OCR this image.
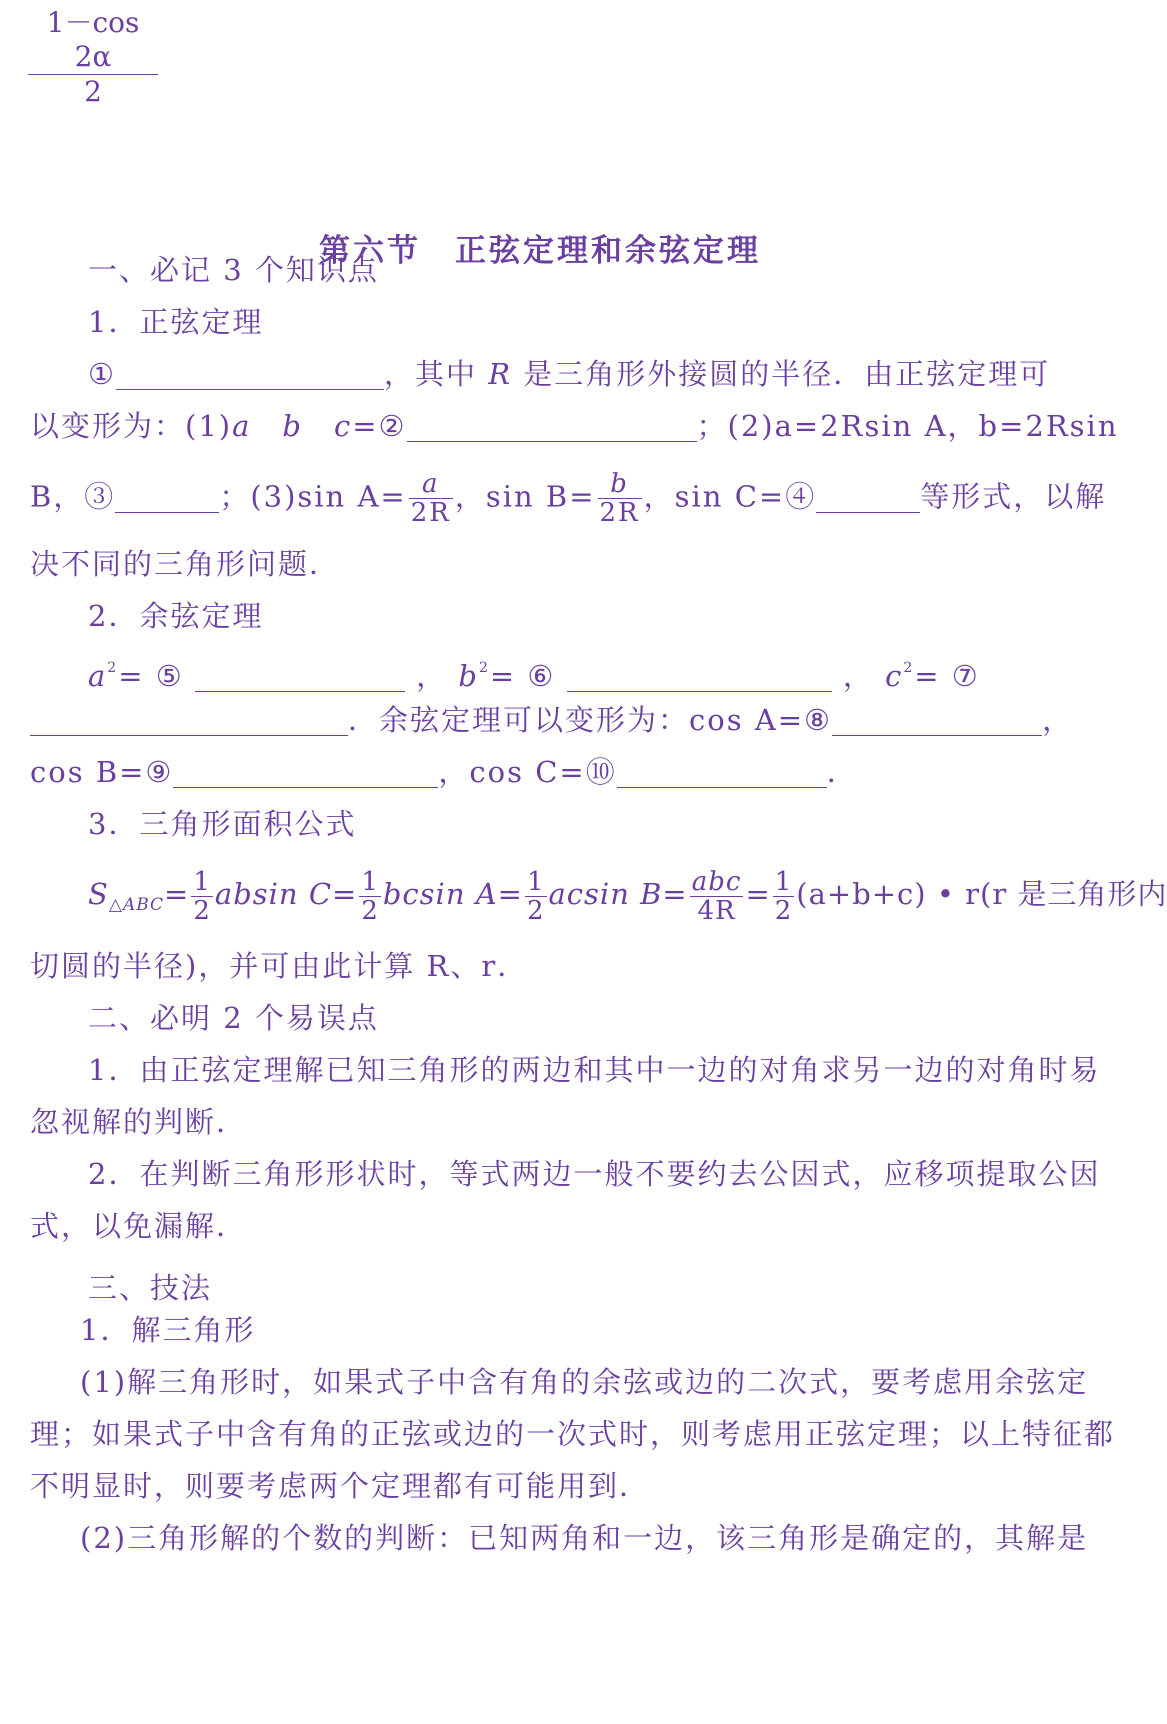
$\frac{1-\cos 2\alpha}{2}$
第六节　正弦定理和余弦定理
一、必记 3 个知识点
1．正弦定理
①	，其中 R 是三角形外接圆的半径．由正弦定理可
以变形为：(1)a　 b　 c=②	；(2)a=2Rsin A，b=2Rsin
B，③	；(3)sin $A= \frac{a}{2R}$ ，$\sin B= \frac{b}{2R}$ ，sin C=④	等形式，以解
决不同的三角形问题．
2．余弦定理
$a^2=$ ⑤	， $b^2=$ ⑥	， $c^2=$ ⑦
．余弦定理可以变形为：cos A=⑧	，
cos B=⑨	，cos C=⑩	．
3．三角形面积公式
$S_{\triangle ABC}= \frac{1}{2}$ absin $C= \frac{1}{2}$ bcsin $A= \frac{1}{2}$ acsin $B= \frac{\text{abc}}{4R} = \frac{1}{2} (a+b+c)$ • r(r 是三角形内
切圆的半径)，并可由此计算 R、r．
二、必明 2 个易误点
1．由正弦定理解已知三角形的两边和其中一边的对角求另一边的对角时易
忽视解的判断．
2．在判断三角形形状时，等式两边一般不要约去公因式，应移项提取公因
式，以免漏解．
三、技法
1．解三角形
(1)解三角形时，如果式子中含有角的余弦或边的二次式，要考虑用余弦定
理；如果式子中含有角的正弦或边的一次式时，则考虑用正弦定理；以上特征都
不明显时，则要考虑两个定理都有可能用到．
(2)三角形解的个数的判断：已知两角和一边，该三角形是确定的，其解是
